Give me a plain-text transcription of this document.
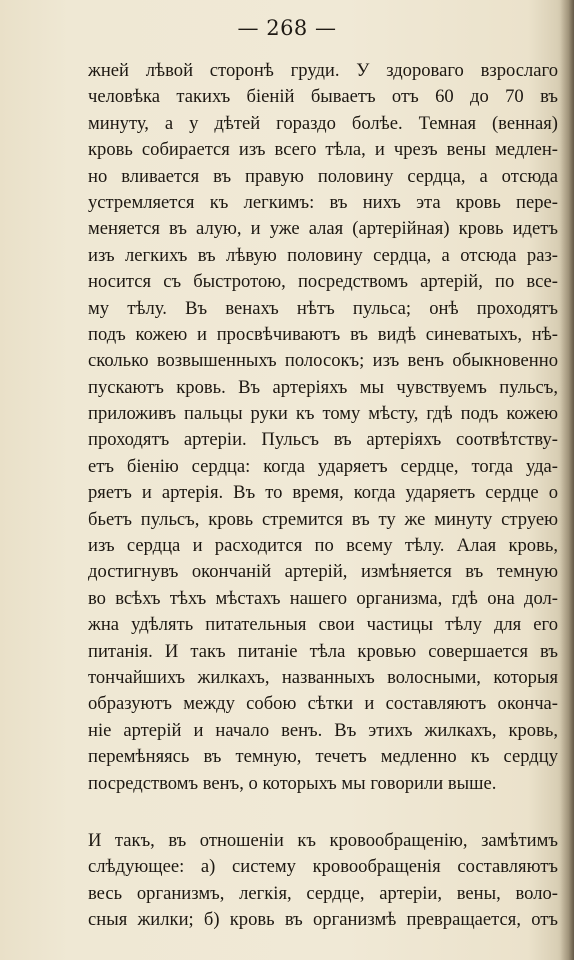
— 268 —
жней лѣвой сторонѣ груди. У здороваго взрослаго
человѣка такихъ біеній бываетъ отъ 60 до 70 въ
минуту, а у дѣтей гораздо болѣе. Темная (венная)
кровь собирается изъ всего тѣла, и чрезъ вены медлен-
но вливается въ правую половину сердца, а отсюда
устремляется къ легкимъ: въ нихъ эта кровь пере-
меняется въ алую, и уже алая (артерійная) кровь идетъ
изъ легкихъ въ лѣвую половину сердца, а отсюда раз-
носится съ быстротою, посредствомъ артерій, по все-
му тѣлу. Въ венахъ нѣтъ пульса; онѣ проходятъ
подъ кожею и просвѣчиваютъ въ видѣ синеватыхъ, нѣ-
сколько возвышенныхъ полосокъ; изъ венъ обыкновенно
пускаютъ кровь. Въ артеріяхъ мы чувствуемъ пульсъ,
приложивъ пальцы руки къ тому мѣсту, гдѣ подъ кожею
проходятъ артеріи. Пульсъ въ артеріяхъ соотвѣтству-
етъ біенію сердца: когда ударяетъ сердце, тогда уда-
ряетъ и артерія. Въ то время, когда ударяетъ сердце о
бьетъ пульсъ, кровь стремится въ ту же минуту струею
изъ сердца и расходится по всему тѣлу. Алая кровь,
достигнувъ окончаній артерій, измѣняется въ темную
во всѣхъ тѣхъ мѣстахъ нашего организма, гдѣ она дол-
жна удѣлять питательныя свои частицы тѣлу для его
питанія. И такъ питаніе тѣла кровью совершается въ
тончайшихъ жилкахъ, названныхъ волосными, которыя
образуютъ между собою сѣтки и составляютъ оконча-
ніе артерій и начало венъ. Въ этихъ жилкахъ, кровь,
перемѣняясь въ темную, течетъ медленно къ сердцу
посредствомъ венъ, о которыхъ мы говорили выше.
И такъ, въ отношеніи къ кровообращенію, замѣтимъ
слѣдующее: а) систему кровообращенія составляютъ
весь организмъ, легкія, сердце, артеріи, вены, воло-
сныя жилки; б) кровь въ организмѣ превращается, отъ
